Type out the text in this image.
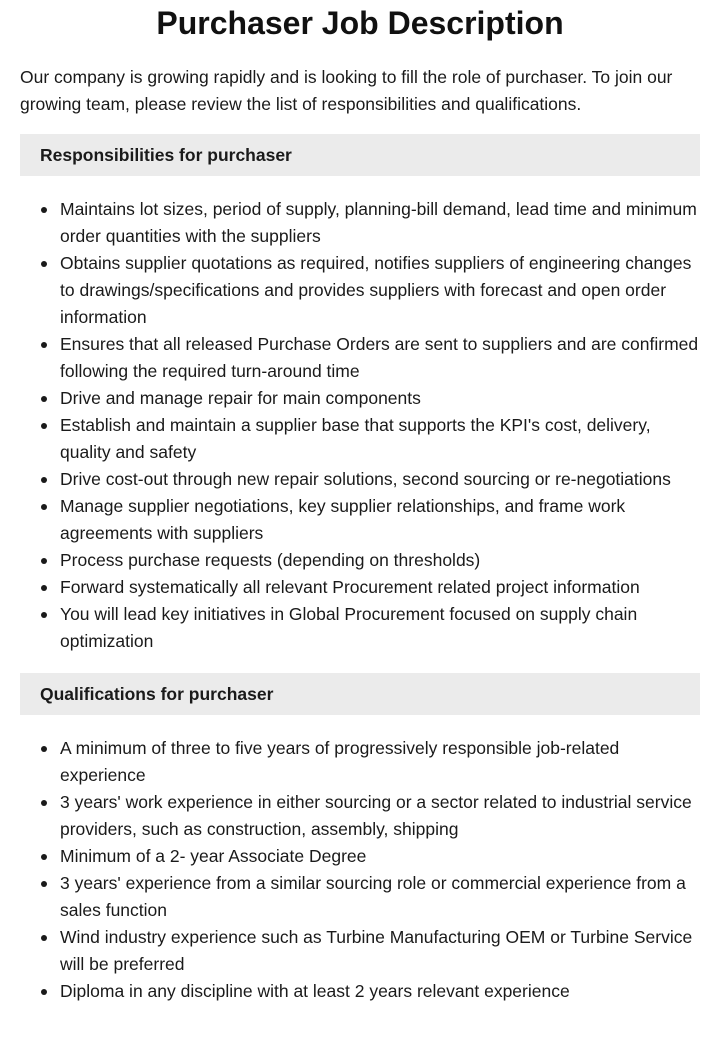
Purchaser Job Description

Our company is growing rapidly and is looking to fill the role of purchaser. To join our growing team, please review the list of responsibilities and qualifications.

Responsibilities for purchaser
Maintains lot sizes, period of supply, planning-bill demand, lead time and minimum order quantities with the suppliers
Obtains supplier quotations as required, notifies suppliers of engineering changes to drawings/specifications and provides suppliers with forecast and open order information
Ensures that all released Purchase Orders are sent to suppliers and are confirmed following the required turn-around time
Drive and manage repair for main components
Establish and maintain a supplier base that supports the KPI's cost, delivery, quality and safety
Drive cost-out through new repair solutions, second sourcing or re-negotiations
Manage supplier negotiations, key supplier relationships, and frame work agreements with suppliers
Process purchase requests (depending on thresholds)
Forward systematically all relevant Procurement related project information
You will lead key initiatives in Global Procurement focused on supply chain optimization
Qualifications for purchaser
A minimum of three to five years of progressively responsible job-related experience
3 years' work experience in either sourcing or a sector related to industrial service providers, such as construction, assembly, shipping
Minimum of a 2- year Associate Degree
3 years' experience from a similar sourcing role or commercial experience from a sales function
Wind industry experience such as Turbine Manufacturing OEM or Turbine Service will be preferred
Diploma in any discipline with at least 2 years relevant experience
